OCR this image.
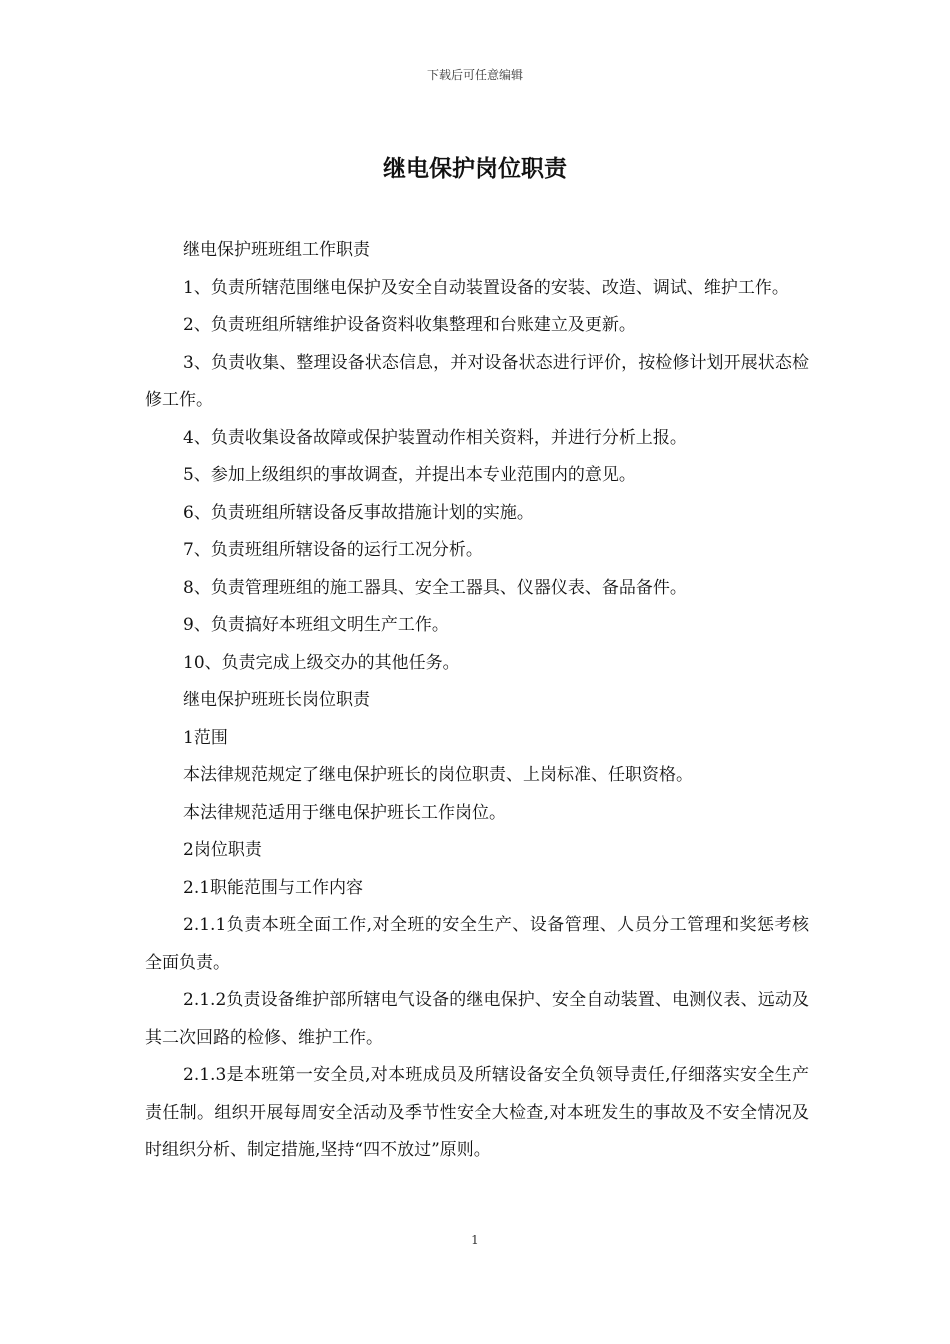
下载后可任意编辑
继电保护岗位职责

继电保护班班组工作职责

1、负责所辖范围继电保护及安全自动装置设备的安装、改造、调试、维护工作。

2、负责班组所辖维护设备资料收集整理和台账建立及更新。

3、负责收集、整理设备状态信息，并对设备状态进行评价，按检修计划开展状态检修工作。

4、负责收集设备故障或保护装置动作相关资料，并进行分析上报。

5、参加上级组织的事故调查，并提出本专业范围内的意见。

6、负责班组所辖设备反事故措施计划的实施。

7、负责班组所辖设备的运行工况分析。

8、负责管理班组的施工器具、安全工器具、仪器仪表、备品备件。

9、负责搞好本班组文明生产工作。

10、负责完成上级交办的其他任务。

继电保护班班长岗位职责

1范围

本法律规范规定了继电保护班长的岗位职责、上岗标准、任职资格。

本法律规范适用于继电保护班长工作岗位。

2岗位职责

2.1职能范围与工作内容

2.1.1负责本班全面工作,对全班的安全生产、设备管理、人员分工管理和奖惩考核全面负责。

2.1.2负责设备维护部所辖电气设备的继电保护、安全自动装置、电测仪表、远动及其二次回路的检修、维护工作。

2.1.3是本班第一安全员,对本班成员及所辖设备安全负领导责任,仔细落实安全生产责任制。组织开展每周安全活动及季节性安全大检查,对本班发生的事故及不安全情况及时组织分析、制定措施,坚持“四不放过”原则。

1
